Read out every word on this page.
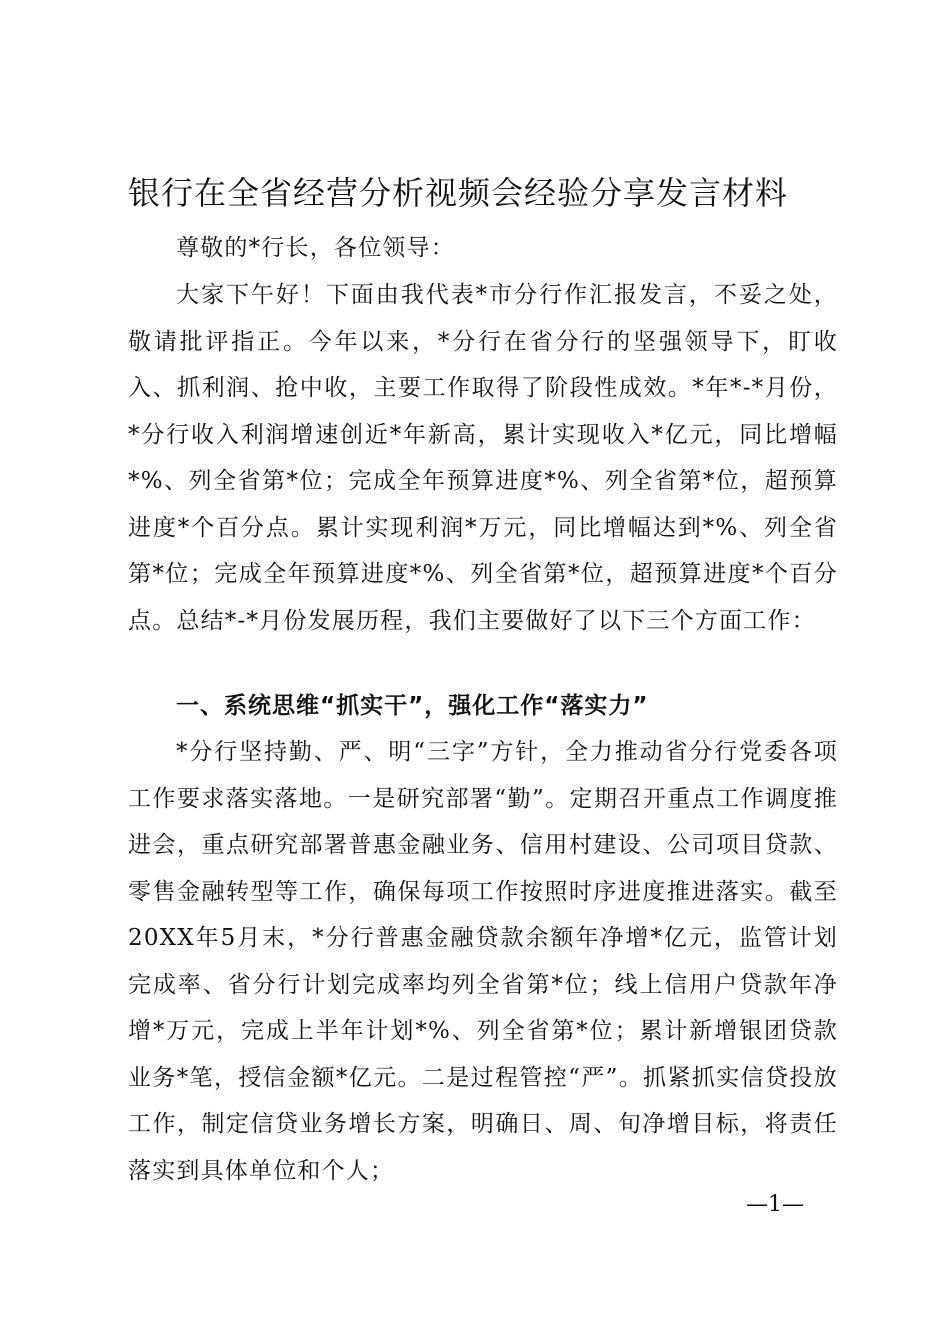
银行在全省经营分析视频会经验分享发言材料
尊敬的*行长，各位领导：
大家下午好！下面由我代表*市分行作汇报发言，不妥之处，敬请批评指正。今年以来，*分行在省分行的坚强领导下，盯收入、抓利润、抢中收，主要工作取得了阶段性成效。*年*-*月份，*分行收入利润增速创近*年新高，累计实现收入*亿元，同比增幅*%、列全省第*位；完成全年预算进度*%、列全省第*位，超预算进度*个百分点。累计实现利润*万元，同比增幅达到*%、列全省第*位；完成全年预算进度*%、列全省第*位，超预算进度*个百分点。总结*-*月份发展历程，我们主要做好了以下三个方面工作：
一、系统思维“抓实干”，强化工作“落实力”
*分行坚持勤、严、明“三字”方针，全力推动省分行党委各项工作要求落实落地。一是研究部署“勤”。定期召开重点工作调度推进会，重点研究部署普惠金融业务、信用村建设、公司项目贷款、零售金融转型等工作，确保每项工作按照时序进度推进落实。截至20XX年5月末，*分行普惠金融贷款余额年净增*亿元，监管计划完成率、省分行计划完成率均列全省第*位；线上信用户贷款年净增*万元，完成上半年计划*%、列全省第*位；累计新增银团贷款业务*笔，授信金额*亿元。二是过程管控“严”。抓紧抓实信贷投放工作，制定信贷业务增长方案，明确日、周、旬净增目标，将责任落实到具体单位和个人；
—1—
